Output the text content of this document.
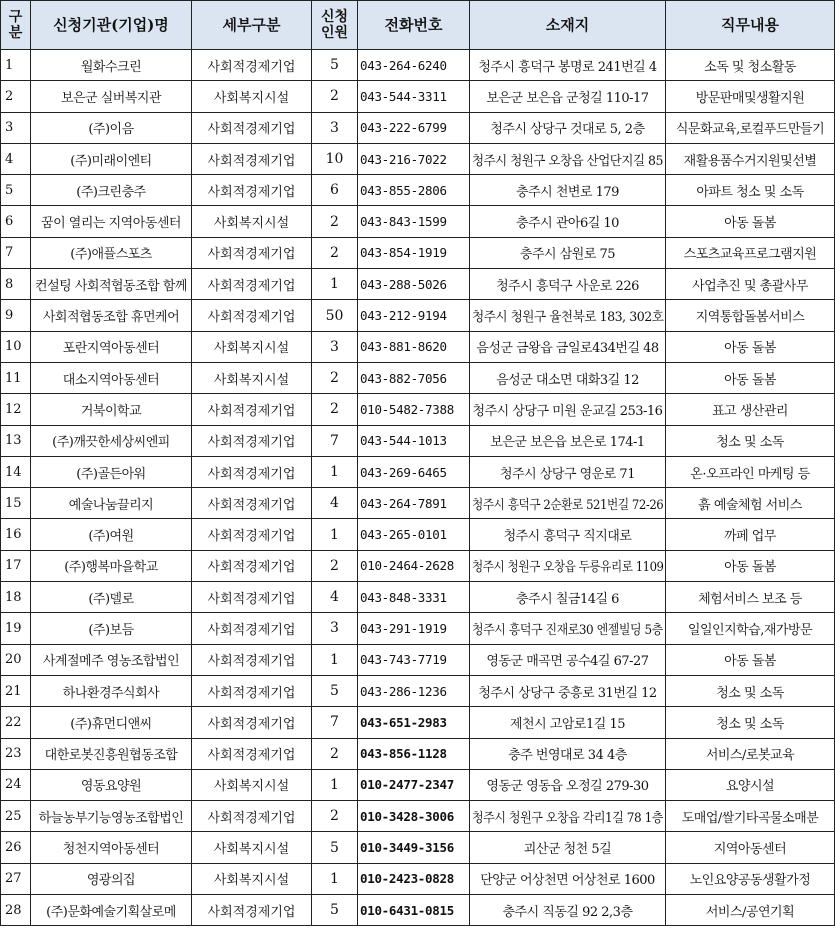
구분	신청기관(기업)명	세부구분	신청인원	전화번호	소재지	직무내용
1	월화수크린	사회적경제기업	5	043-264-6240	청주시 흥덕구 봉명로 241번길 4	소독 및 청소활동
2	보은군 실버복지관	사회복지시설	2	043-544-3311	보은군 보은읍 군청길 110-17	방문판매및생활지원
3	(주)이음	사회적경제기업	3	043-222-6799	청주시 상당구 것대로 5, 2층	식문화교육,로컬푸드만들기
4	(주)미래이엔티	사회적경제기업	10	043-216-7022	청주시 청원구 오창읍 산업단지길 85	재활용품수거지원및선별
5	(주)크린충주	사회적경제기업	6	043-855-2806	충주시 천변로 179	아파트 청소 및 소독
6	꿈이 열리는 지역아동센터	사회복지시설	2	043-843-1599	충주시 관아6길 10	아동 돌봄
7	(주)애플스포츠	사회적경제기업	2	043-854-1919	충주시 삼원로 75	스포츠교육프로그램지원
8	컨설팅 사회적협동조합 함께	사회적경제기업	1	043-288-5026	청주시 흥덕구 사운로 226	사업추진 및 총괄사무
9	사회적협동조합 휴먼케어	사회적경제기업	50	043-212-9194	청주시 청원구 율천북로 183, 302호	지역통합돌봄서비스
10	포란지역아동센터	사회복지시설	3	043-881-8620	음성군 금왕읍 금일로434번길 48	아동 돌봄
11	대소지역아동센터	사회복지시설	2	043-882-7056	음성군 대소면 대화3길 12	아동 돌봄
12	거북이학교	사회적경제기업	2	010-5482-7388	청주시 상당구 미원 운교길 253-16	표고 생산관리
13	(주)깨끗한세상씨엔피	사회적경제기업	7	043-544-1013	보은군 보은읍 보은로 174-1	청소 및 소독
14	(주)골든아워	사회적경제기업	1	043-269-6465	청주시 상당구 영운로 71	온·오프라인 마케팅 등
15	예술나눔끌리지	사회적경제기업	4	043-264-7891	청주시 흥덕구 2순환로 521번길 72-26	흙 예술체험 서비스
16	(주)여원	사회적경제기업	1	043-265-0101	청주시 흥덕구 직지대로	까페 업무
17	(주)행복마을학교	사회적경제기업	2	010-2464-2628	청주시 청원구 오창읍 두릉유리로 1109	아동 돌봄
18	(주)델로	사회적경제기업	4	043-848-3331	충주시 칠금14길 6	체험서비스 보조 등
19	(주)보듬	사회적경제기업	3	043-291-1919	청주시 흥덕구 진재로30 엔젤빌딩 5층	일일인지학습,재가방문
20	사계절메주 영농조합법인	사회적경제기업	1	043-743-7719	영동군 매곡면 공수4길 67-27	아동 돌봄
21	하나환경주식회사	사회적경제기업	5	043-286-1236	청주시 상당구 중흥로 31번길 12	청소 및 소독
22	(주)휴먼디앤씨	사회적경제기업	7	043-651-2983	제천시 고암로1길 15	청소 및 소독
23	대한로봇진흥원협동조합	사회적경제기업	2	043-856-1128	충주 번영대로 34 4층	서비스/로봇교육
24	영동요양원	사회복지시설	1	010-2477-2347	영동군 영동읍 오정길 279-30	요양시설
25	하늘농부기능영농조합법인	사회적경제기업	2	010-3428-3006	청주시 청원구 오창읍 각리1길 78 1층	도매업/쌀기타곡물소매분
26	청천지역아동센터	사회복지시설	5	010-3449-3156	괴산군 청천 5길	지역아동센터
27	영광의집	사회복지시설	1	010-2423-0828	단양군 어상천면 어상천로 1600	노인요양공동생활가정
28	(주)문화예술기획살로메	사회적경제기업	5	010-6431-0815	충주시 직동길 92 2,3층	서비스/공연기획
